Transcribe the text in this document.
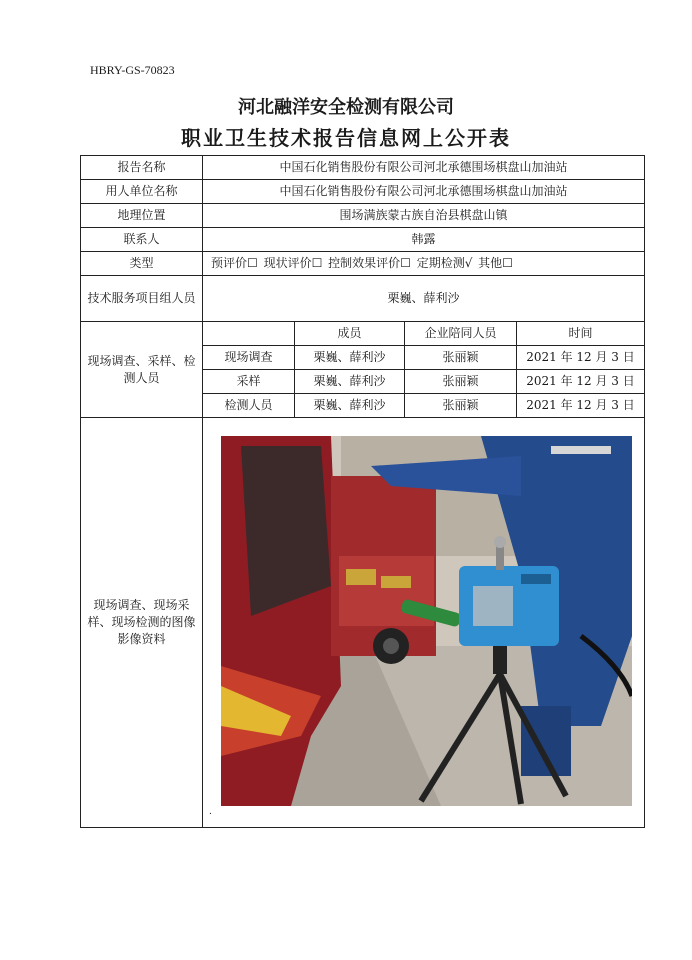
HBRY-GS-70823
河北融洋安全检测有限公司
职业卫生技术报告信息网上公开表
报告名称	中国石化销售股份有限公司河北承德围场棋盘山加油站			
用人单位名称	中国石化销售股份有限公司河北承德围场棋盘山加油站			
地理位置	围场满族蒙古族自治县棋盘山镇			
联系人	韩露			
类型	预评价☐ 现状评价☐ 控制效果评价☐ 定期检测√ 其他☐			
技术服务项目组人员	栗巍、薛利沙			
现场调查、采样、检测人员		成员	企业陪同人员	时间
	现场调查	栗巍、薛利沙	张丽颖	2021 年 12 月 3 日
	采样	栗巍、薛利沙	张丽颖	2021 年 12 月 3 日
	检测人员	栗巍、薛利沙	张丽颖	2021 年 12 月 3 日
现场调查、现场采样、现场检测的图像影像资料	.			
